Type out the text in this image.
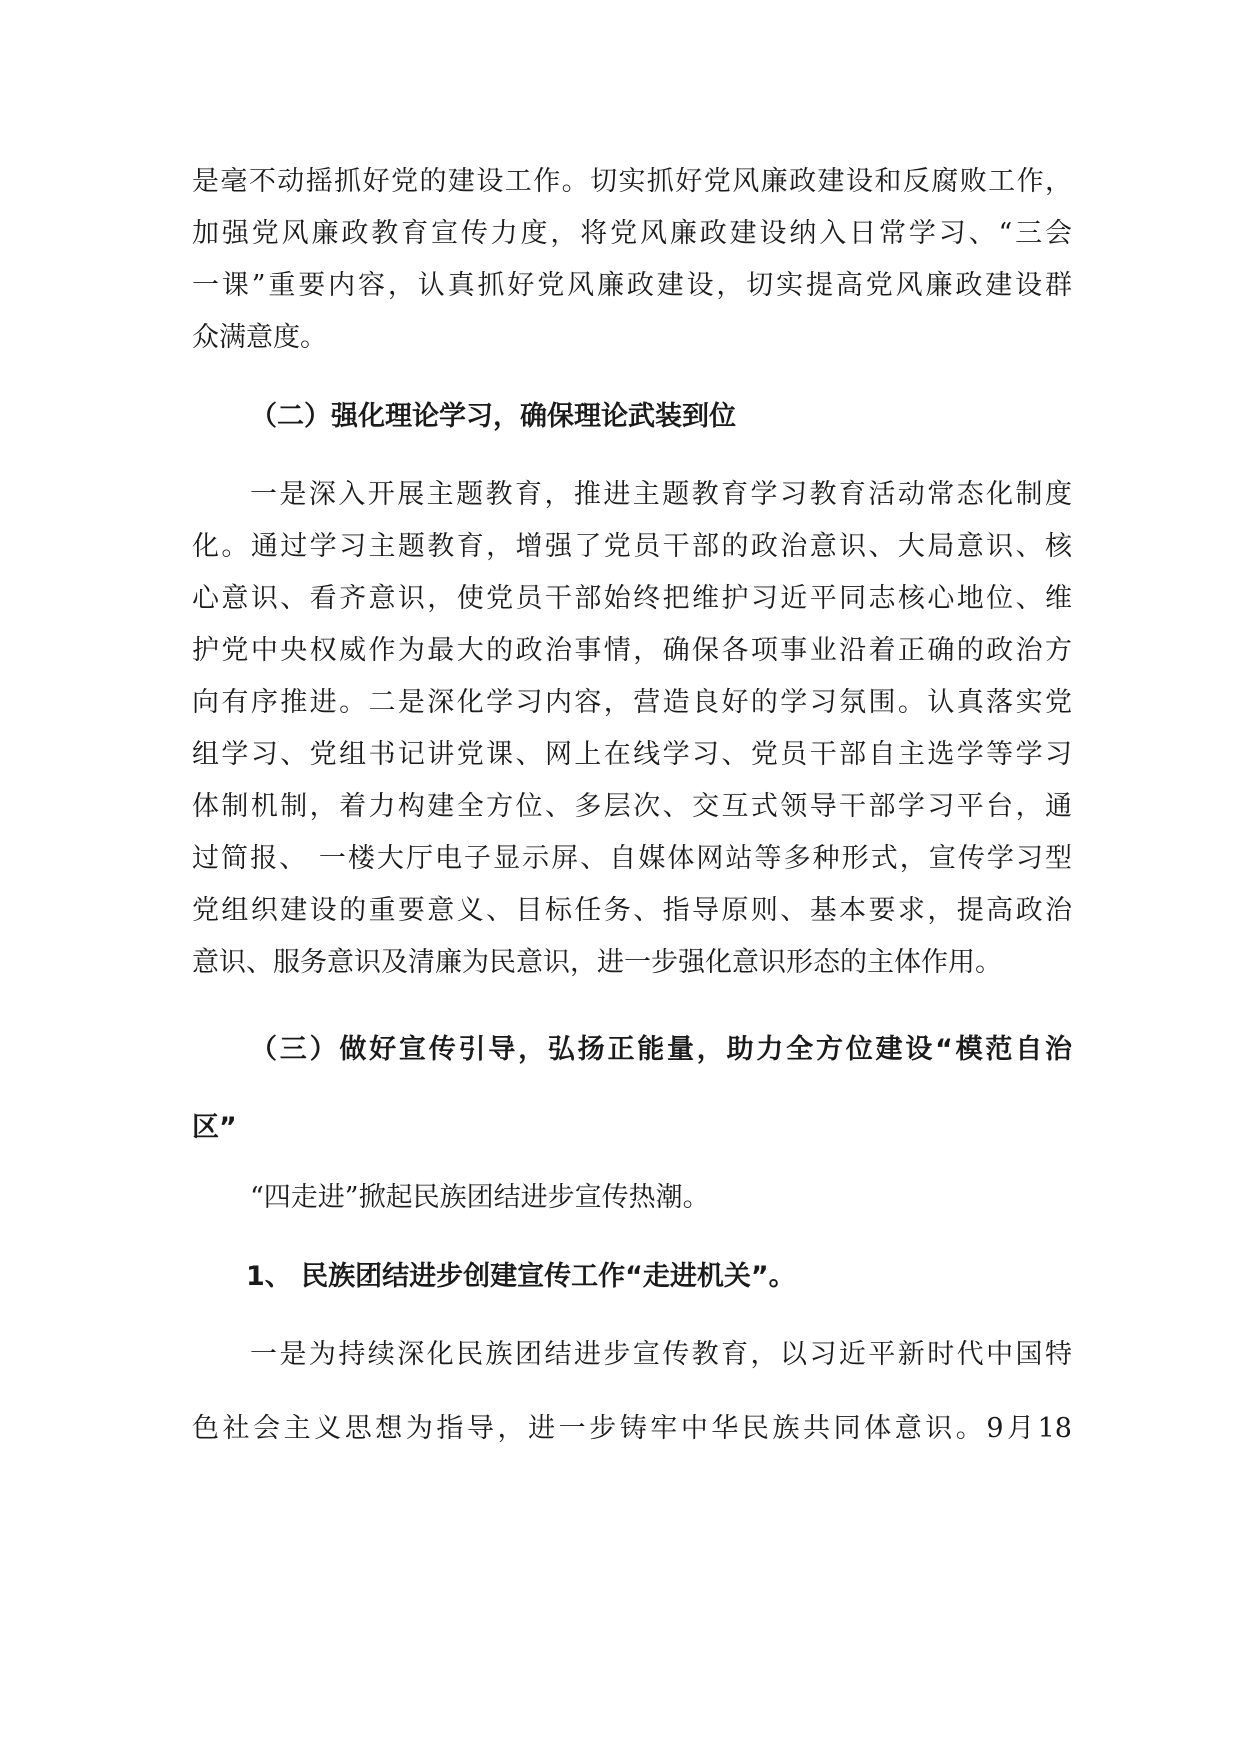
是毫不动摇抓好党的建设工作。切实抓好党风廉政建设和反腐败工作，
加强党风廉政教育宣传力度，将党风廉政建设纳入日常学习、“三会
一课”重要内容，认真抓好党风廉政建设，切实提高党风廉政建设群
众满意度。
（二）强化理论学习，确保理论武装到位
一是深入开展主题教育，推进主题教育学习教育活动常态化制度
化。通过学习主题教育，增强了党员干部的政治意识、大局意识、核
心意识、看齐意识，使党员干部始终把维护习近平同志核心地位、维
护党中央权威作为最大的政治事情，确保各项事业沿着正确的政治方
向有序推进。二是深化学习内容，营造良好的学习氛围。认真落实党
组学习、党组书记讲党课、网上在线学习、党员干部自主选学等学习
体制机制，着力构建全方位、多层次、交互式领导干部学习平台，通
过简报、 一楼大厅电子显示屏、自媒体网站等多种形式，宣传学习型
党组织建设的重要意义、目标任务、指导原则、基本要求，提高政治
意识、服务意识及清廉为民意识，进一步强化意识形态的主体作用。
（三）做好宣传引导，弘扬正能量，助力全方位建设“模范自治
区”
“四走进”掀起民族团结进步宣传热潮。
1、 民族团结进步创建宣传工作“走进机关”。
一是为持续深化民族团结进步宣传教育，以习近平新时代中国特
色社会主义思想为指导，进一步铸牢中华民族共同体意识。9月18
